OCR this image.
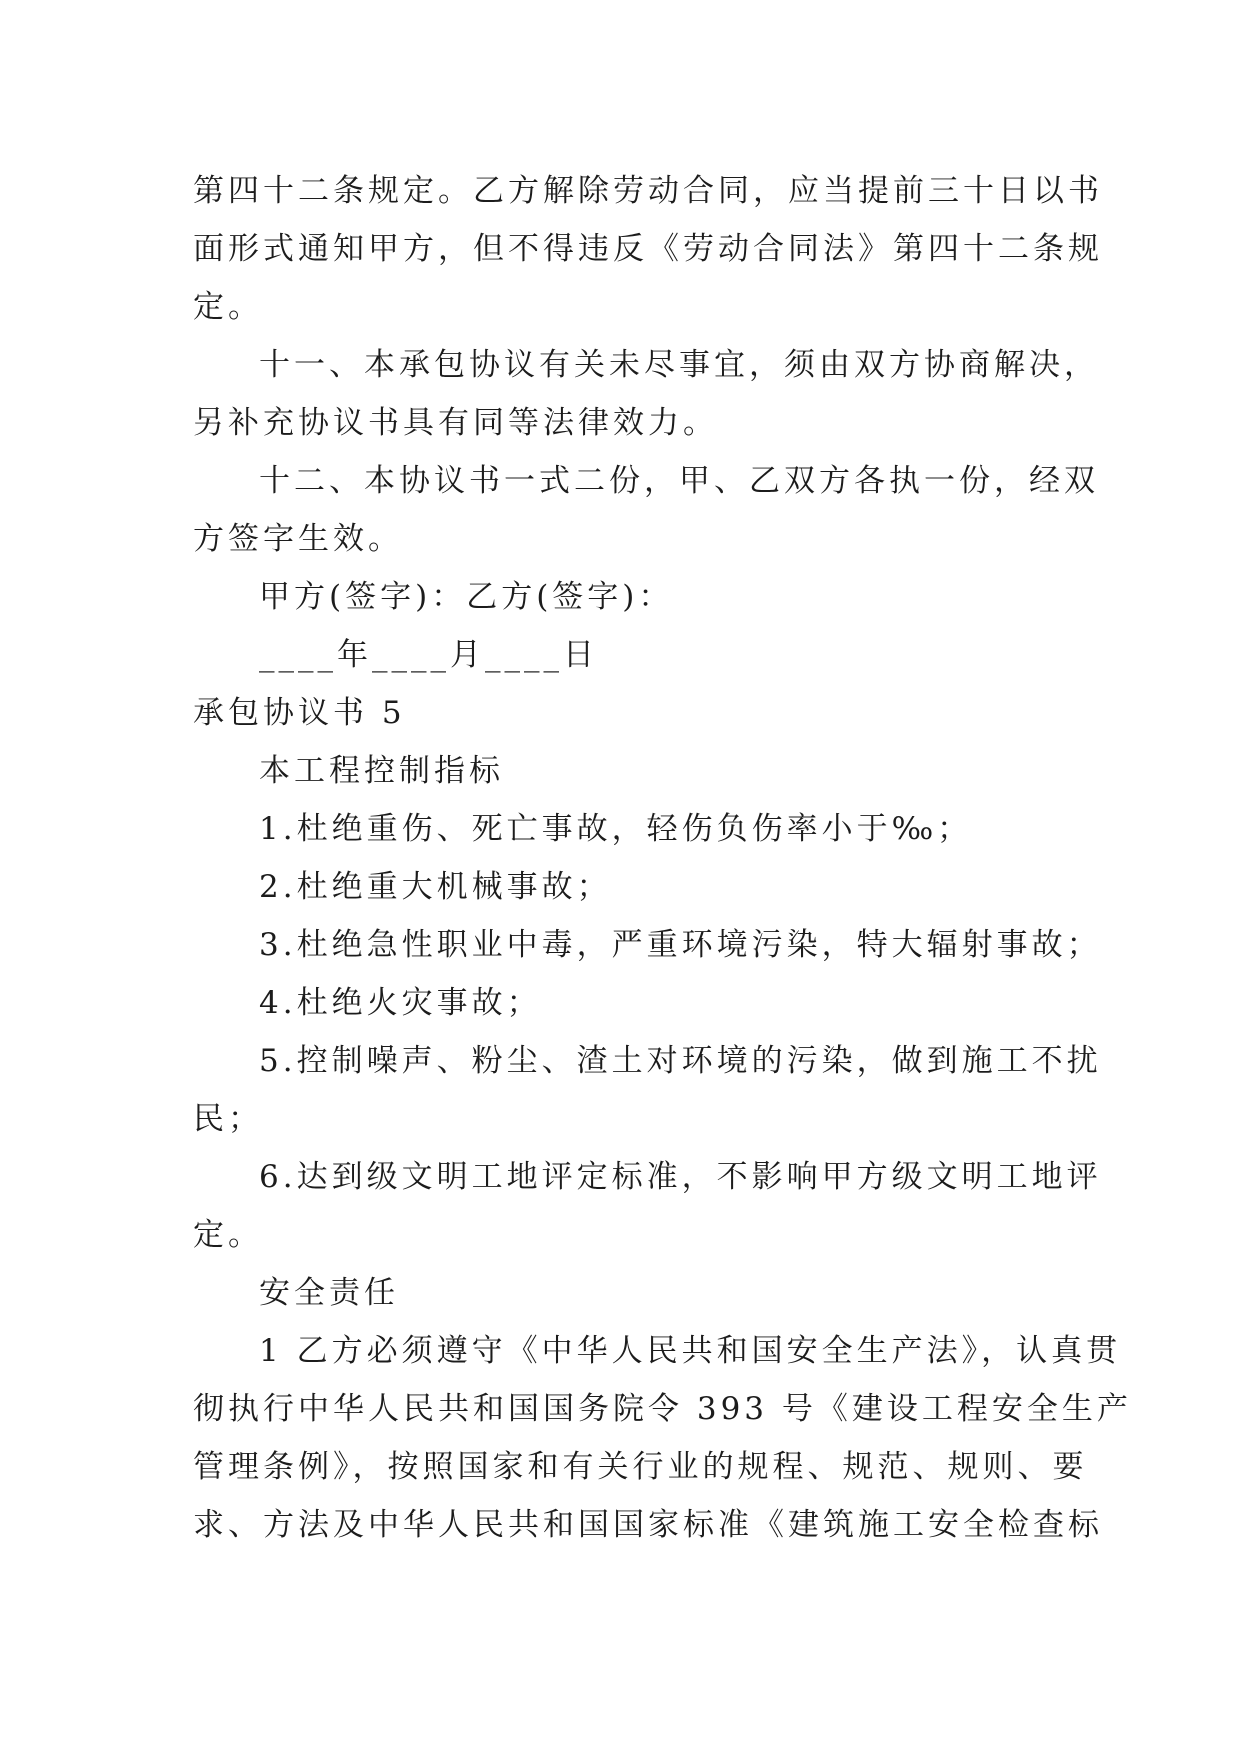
第四十二条规定。乙方解除劳动合同，应当提前三十日以书
面形式通知甲方，但不得违反《劳动合同法》第四十二条规
定。
十一、本承包协议有关未尽事宜，须由双方协商解决，
另补充协议书具有同等法律效力。
十二、本协议书一式二份，甲、乙双方各执一份，经双
方签字生效。
甲方(签字)：乙方(签字)：
____年____月____日
承包协议书 5
本工程控制指标
1.杜绝重伤、死亡事故，轻伤负伤率小于‰；
2.杜绝重大机械事故；
3.杜绝急性职业中毒，严重环境污染，特大辐射事故；
4.杜绝火灾事故；
5.控制噪声、粉尘、渣土对环境的污染，做到施工不扰
民；
6.达到级文明工地评定标准，不影响甲方级文明工地评
定。
安全责任
1 乙方必须遵守《中华人民共和国安全生产法》，认真贯
彻执行中华人民共和国国务院令 393 号《建设工程安全生产
管理条例》，按照国家和有关行业的规程、规范、规则、要
求、方法及中华人民共和国国家标准《建筑施工安全检查标
